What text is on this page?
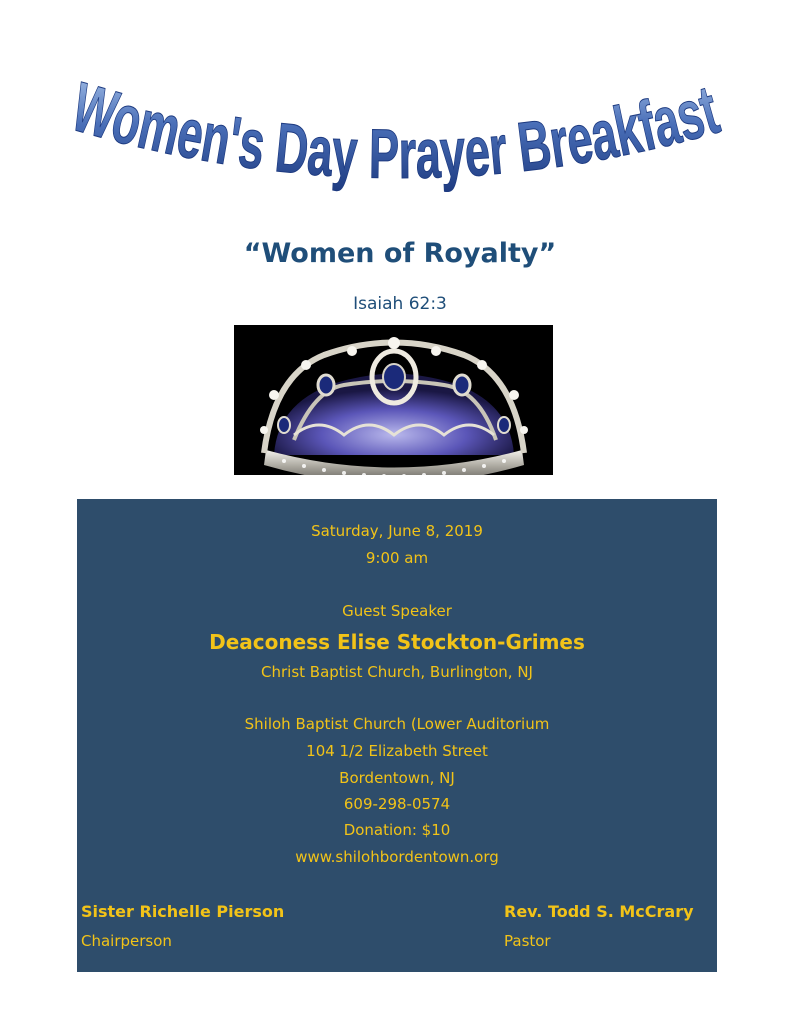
Women's Day Prayer Breakfast
“Women of Royalty”
Isaiah 62:3
Saturday, June 8, 2019
9:00 am
Guest Speaker
Deaconess Elise Stockton-Grimes
Christ Baptist Church, Burlington, NJ
Shiloh Baptist Church (Lower Auditorium
104 1/2 Elizabeth Street
Bordentown, NJ
609-298-0574
Donation: $10
www.shilohbordentown.org
Sister Richelle Pierson
Chairperson
Rev. Todd S. McCrary
Pastor
